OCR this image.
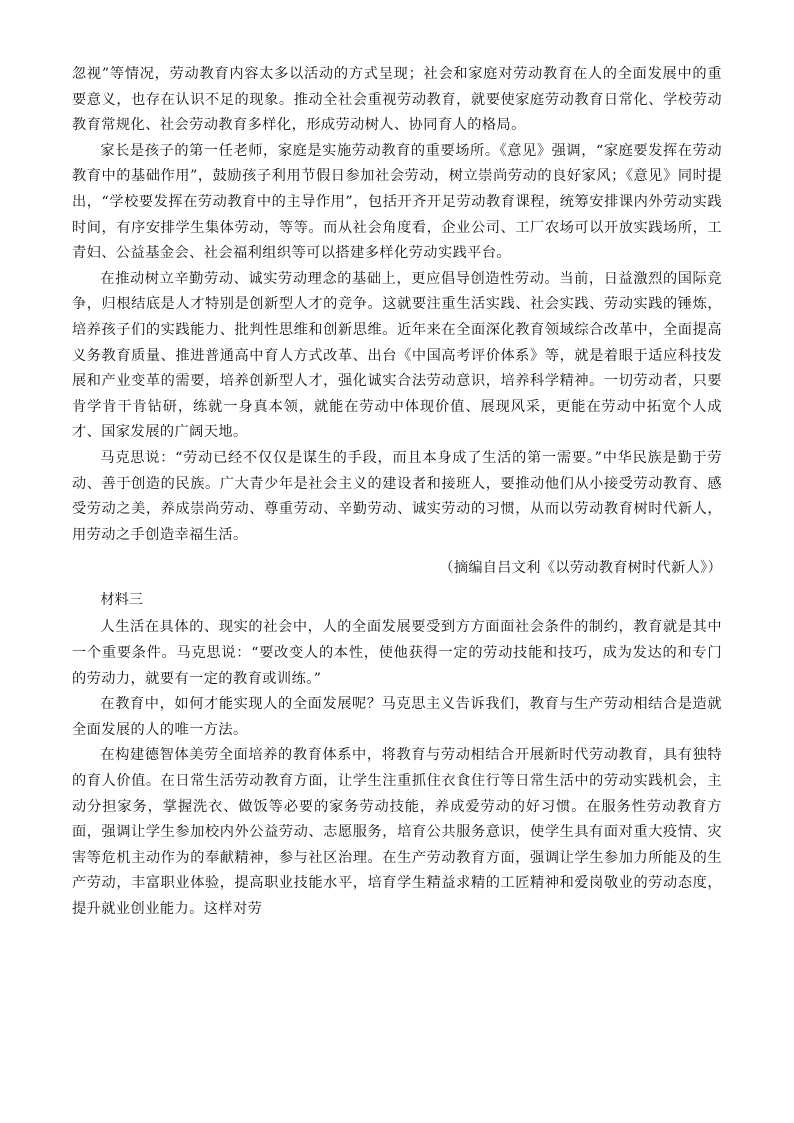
忽视”等情况，劳动教育内容太多以活动的方式呈现；社会和家庭对劳动教育在人的全面发展中的重要意义，也存在认识不足的现象。推动全社会重视劳动教育，就要使家庭劳动教育日常化、学校劳动教育常规化、社会劳动教育多样化，形成劳动树人、协同育人的格局。

家长是孩子的第一任老师，家庭是实施劳动教育的重要场所。《意见》强调，“家庭要发挥在劳动教育中的基础作用”，鼓励孩子利用节假日参加社会劳动，树立崇尚劳动的良好家风；《意见》同时提出，“学校要发挥在劳动教育中的主导作用”，包括开齐开足劳动教育课程，统筹安排课内外劳动实践时间，有序安排学生集体劳动，等等。而从社会角度看，企业公司、工厂农场可以开放实践场所，工青妇、公益基金会、社会福利组织等可以搭建多样化劳动实践平台。

在推动树立辛勤劳动、诚实劳动理念的基础上，更应倡导创造性劳动。当前，日益激烈的国际竞争，归根结底是人才特别是创新型人才的竞争。这就要注重生活实践、社会实践、劳动实践的锤炼，培养孩子们的实践能力、批判性思维和创新思维。近年来在全面深化教育领域综合改革中，全面提高义务教育质量、推进普通高中育人方式改革、出台《中国高考评价体系》等，就是着眼于适应科技发展和产业变革的需要，培养创新型人才，强化诚实合法劳动意识，培养科学精神。一切劳动者，只要肯学肯干肯钻研，练就一身真本领，就能在劳动中体现价值、展现风采，更能在劳动中拓宽个人成才、国家发展的广阔天地。

马克思说：“劳动已经不仅仅是谋生的手段，而且本身成了生活的第一需要。”中华民族是勤于劳动、善于创造的民族。广大青少年是社会主义的建设者和接班人，要推动他们从小接受劳动教育、感受劳动之美，养成崇尚劳动、尊重劳动、辛勤劳动、诚实劳动的习惯，从而以劳动教育树时代新人，用劳动之手创造幸福生活。

（摘编自吕文利《以劳动教育树时代新人》）

材料三

人生活在具体的、现实的社会中，人的全面发展要受到方方面面社会条件的制约，教育就是其中一个重要条件。马克思说：“要改变人的本性，使他获得一定的劳动技能和技巧，成为发达的和专门的劳动力，就要有一定的教育或训练。”

在教育中，如何才能实现人的全面发展呢？马克思主义告诉我们，教育与生产劳动相结合是造就全面发展的人的唯一方法。

在构建德智体美劳全面培养的教育体系中，将教育与劳动相结合开展新时代劳动教育，具有独特的育人价值。在日常生活劳动教育方面，让学生注重抓住衣食住行等日常生活中的劳动实践机会，主动分担家务，掌握洗衣、做饭等必要的家务劳动技能，养成爱劳动的好习惯。在服务性劳动教育方面，强调让学生参加校内外公益劳动、志愿服务，培育公共服务意识，使学生具有面对重大疫情、灾害等危机主动作为的奉献精神，参与社区治理。在生产劳动教育方面，强调让学生参加力所能及的生产劳动，丰富职业体验，提高职业技能水平，培育学生精益求精的工匠精神和爱岗敬业的劳动态度，提升就业创业能力。这样对劳
